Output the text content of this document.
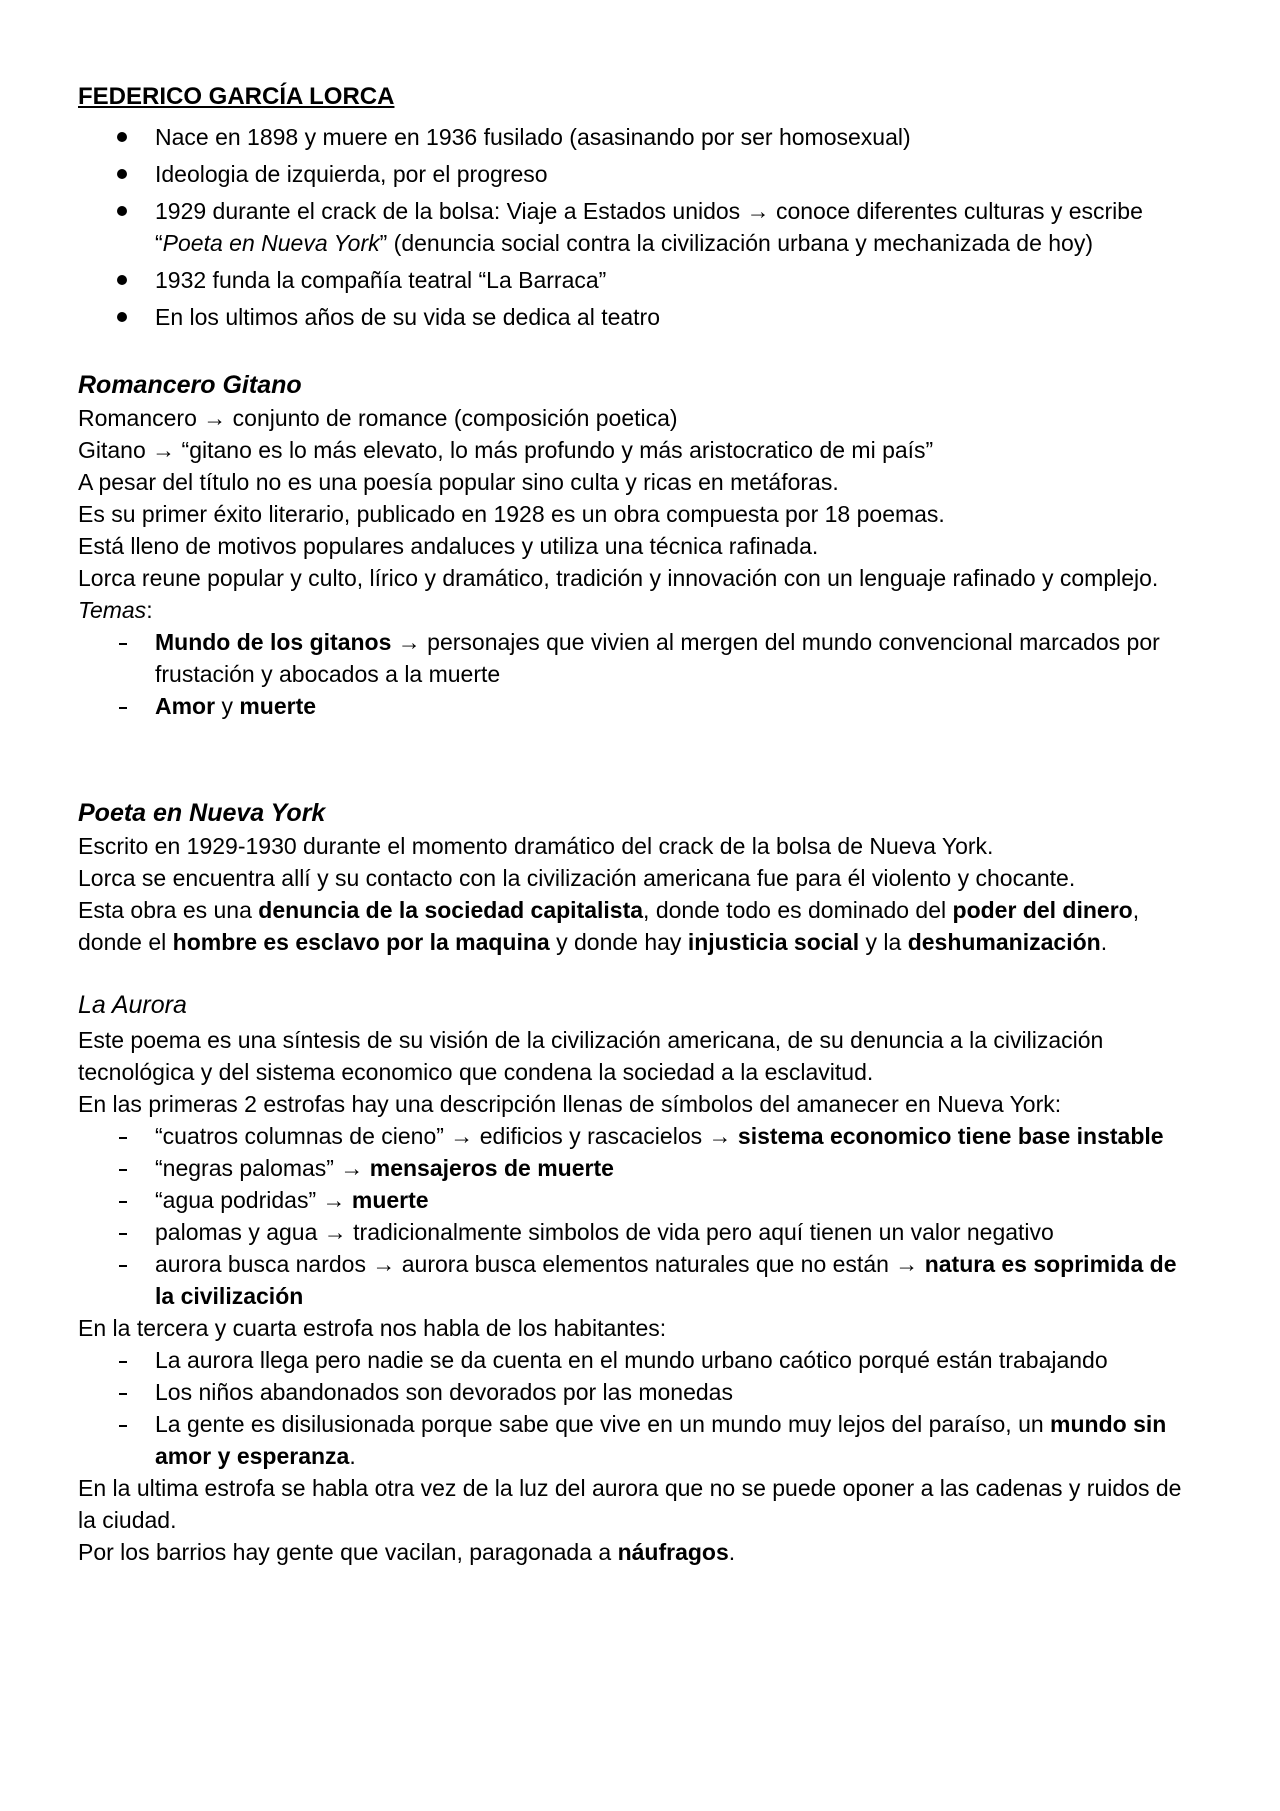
FEDERICO GARCÍA LORCA
Nace en 1898 y muere en 1936 fusilado (asasinando por ser homosexual)
Ideologia de izquierda, por el progreso
1929 durante el crack de la bolsa: Viaje a Estados unidos → conoce diferentes culturas y escribe
“Poeta en Nueva York” (denuncia social contra la civilización urbana y mechanizada de hoy)
1932 funda la compañía teatral “La Barraca”
En los ultimos años de su vida se dedica al teatro
Romancero Gitano
Romancero → conjunto de romance (composición poetica)
Gitano → “gitano es lo más elevato, lo más profundo y más aristocratico de mi país”
A pesar del título no es una poesía popular sino culta y ricas en metáforas.
Es su primer éxito literario, publicado en 1928 es un obra compuesta por 18 poemas.
Está lleno de motivos populares andaluces y utiliza una técnica rafinada.
Lorca reune popular y culto, lírico y dramático, tradición y innovación con un lenguaje rafinado y complejo.
Temas:
Mundo de los gitanos → personajes que vivien al mergen del mundo convencional marcados por
frustación y abocados a la muerte
Amor y muerte
Poeta en Nueva York
Escrito en 1929-1930 durante el momento dramático del crack de la bolsa de Nueva York.
Lorca se encuentra allí y su contacto con la civilización americana fue para él violento y chocante.
Esta obra es una denuncia de la sociedad capitalista, donde todo es dominado del poder del dinero,
donde el hombre es esclavo por la maquina y donde hay injusticia social y la deshumanización.
La Aurora
Este poema es una síntesis de su visión de la civilización americana, de su denuncia a la civilización
tecnológica y del sistema economico que condena la sociedad a la esclavitud.
En las primeras 2 estrofas hay una descripción llenas de símbolos del amanecer en Nueva York:
“cuatros columnas de cieno” → edificios y rascacielos → sistema economico tiene base instable
“negras palomas” → mensajeros de muerte
“agua podridas” → muerte
palomas y agua → tradicionalmente simbolos de vida pero aquí tienen un valor negativo
aurora busca nardos → aurora busca elementos naturales que no están → natura es soprimida de
la civilización
En la tercera y cuarta estrofa nos habla de los habitantes:
La aurora llega pero nadie se da cuenta en el mundo urbano caótico porqué están trabajando
Los niños abandonados son devorados por las monedas
La gente es disilusionada porque sabe que vive en un mundo muy lejos del paraíso, un mundo sin
amor y esperanza.
En la ultima estrofa se habla otra vez de la luz del aurora que no se puede oponer a las cadenas y ruidos de
la ciudad.
Por los barrios hay gente que vacilan, paragonada a náufragos.
